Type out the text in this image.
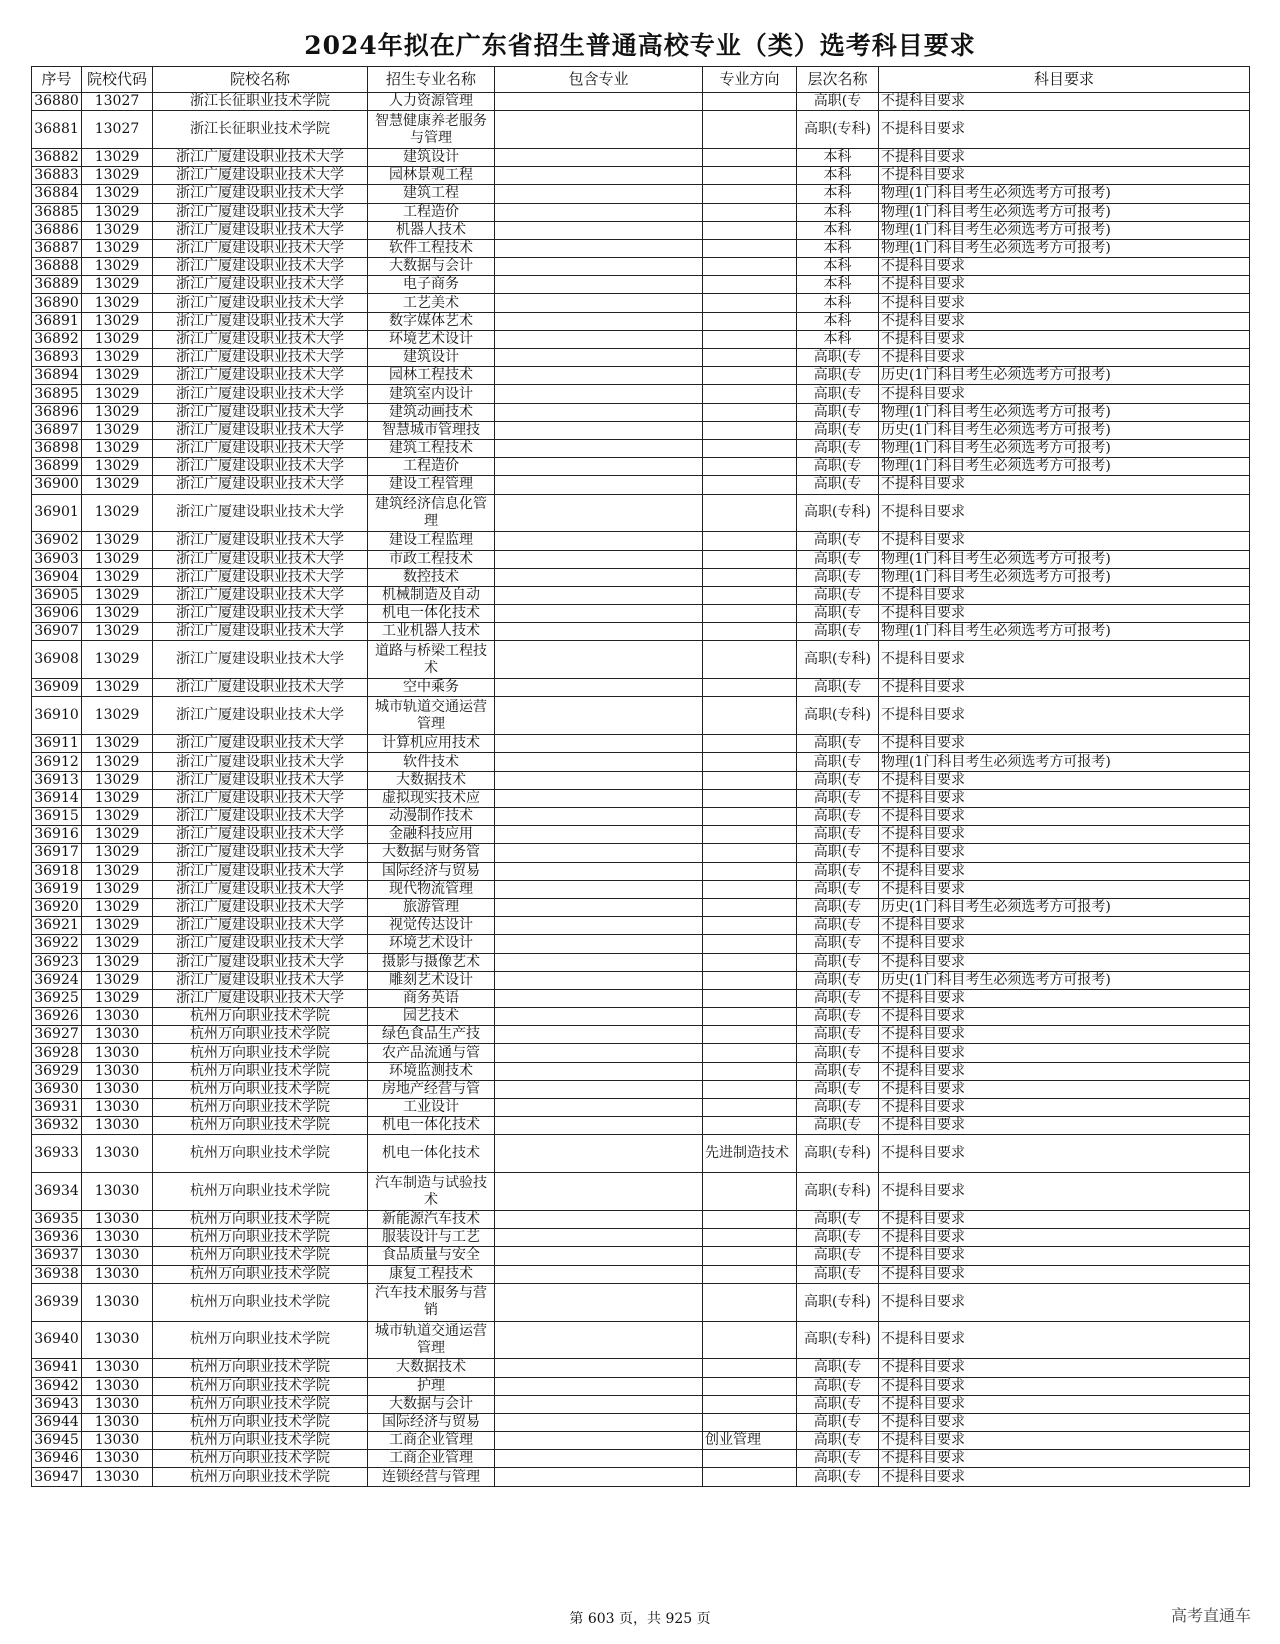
2024年拟在广东省招生普通高校专业（类）选考科目要求
序号	院校代码	院校名称	招生专业名称	包含专业	专业方向	层次名称	科目要求
36880	13027	浙江长征职业技术学院	人力资源管理			高职(专	不提科目要求
36881	13027	浙江长征职业技术学院	智慧健康养老服务与管理			高职(专科)	不提科目要求
36882	13029	浙江广厦建设职业技术大学	建筑设计			本科	不提科目要求
36883	13029	浙江广厦建设职业技术大学	园林景观工程			本科	不提科目要求
36884	13029	浙江广厦建设职业技术大学	建筑工程			本科	物理(1门科目考生必须选考方可报考)
36885	13029	浙江广厦建设职业技术大学	工程造价			本科	物理(1门科目考生必须选考方可报考)
36886	13029	浙江广厦建设职业技术大学	机器人技术			本科	物理(1门科目考生必须选考方可报考)
36887	13029	浙江广厦建设职业技术大学	软件工程技术			本科	物理(1门科目考生必须选考方可报考)
36888	13029	浙江广厦建设职业技术大学	大数据与会计			本科	不提科目要求
36889	13029	浙江广厦建设职业技术大学	电子商务			本科	不提科目要求
36890	13029	浙江广厦建设职业技术大学	工艺美术			本科	不提科目要求
36891	13029	浙江广厦建设职业技术大学	数字媒体艺术			本科	不提科目要求
36892	13029	浙江广厦建设职业技术大学	环境艺术设计			本科	不提科目要求
36893	13029	浙江广厦建设职业技术大学	建筑设计			高职(专	不提科目要求
36894	13029	浙江广厦建设职业技术大学	园林工程技术			高职(专	历史(1门科目考生必须选考方可报考)
36895	13029	浙江广厦建设职业技术大学	建筑室内设计			高职(专	不提科目要求
36896	13029	浙江广厦建设职业技术大学	建筑动画技术			高职(专	物理(1门科目考生必须选考方可报考)
36897	13029	浙江广厦建设职业技术大学	智慧城市管理技			高职(专	历史(1门科目考生必须选考方可报考)
36898	13029	浙江广厦建设职业技术大学	建筑工程技术			高职(专	物理(1门科目考生必须选考方可报考)
36899	13029	浙江广厦建设职业技术大学	工程造价			高职(专	物理(1门科目考生必须选考方可报考)
36900	13029	浙江广厦建设职业技术大学	建设工程管理			高职(专	不提科目要求
36901	13029	浙江广厦建设职业技术大学	建筑经济信息化管理			高职(专科)	不提科目要求
36902	13029	浙江广厦建设职业技术大学	建设工程监理			高职(专	不提科目要求
36903	13029	浙江广厦建设职业技术大学	市政工程技术			高职(专	物理(1门科目考生必须选考方可报考)
36904	13029	浙江广厦建设职业技术大学	数控技术			高职(专	物理(1门科目考生必须选考方可报考)
36905	13029	浙江广厦建设职业技术大学	机械制造及自动			高职(专	不提科目要求
36906	13029	浙江广厦建设职业技术大学	机电一体化技术			高职(专	不提科目要求
36907	13029	浙江广厦建设职业技术大学	工业机器人技术			高职(专	物理(1门科目考生必须选考方可报考)
36908	13029	浙江广厦建设职业技术大学	道路与桥梁工程技术			高职(专科)	不提科目要求
36909	13029	浙江广厦建设职业技术大学	空中乘务			高职(专	不提科目要求
36910	13029	浙江广厦建设职业技术大学	城市轨道交通运营管理			高职(专科)	不提科目要求
36911	13029	浙江广厦建设职业技术大学	计算机应用技术			高职(专	不提科目要求
36912	13029	浙江广厦建设职业技术大学	软件技术			高职(专	物理(1门科目考生必须选考方可报考)
36913	13029	浙江广厦建设职业技术大学	大数据技术			高职(专	不提科目要求
36914	13029	浙江广厦建设职业技术大学	虚拟现实技术应			高职(专	不提科目要求
36915	13029	浙江广厦建设职业技术大学	动漫制作技术			高职(专	不提科目要求
36916	13029	浙江广厦建设职业技术大学	金融科技应用			高职(专	不提科目要求
36917	13029	浙江广厦建设职业技术大学	大数据与财务管			高职(专	不提科目要求
36918	13029	浙江广厦建设职业技术大学	国际经济与贸易			高职(专	不提科目要求
36919	13029	浙江广厦建设职业技术大学	现代物流管理			高职(专	不提科目要求
36920	13029	浙江广厦建设职业技术大学	旅游管理			高职(专	历史(1门科目考生必须选考方可报考)
36921	13029	浙江广厦建设职业技术大学	视觉传达设计			高职(专	不提科目要求
36922	13029	浙江广厦建设职业技术大学	环境艺术设计			高职(专	不提科目要求
36923	13029	浙江广厦建设职业技术大学	摄影与摄像艺术			高职(专	不提科目要求
36924	13029	浙江广厦建设职业技术大学	雕刻艺术设计			高职(专	历史(1门科目考生必须选考方可报考)
36925	13029	浙江广厦建设职业技术大学	商务英语			高职(专	不提科目要求
36926	13030	杭州万向职业技术学院	园艺技术			高职(专	不提科目要求
36927	13030	杭州万向职业技术学院	绿色食品生产技			高职(专	不提科目要求
36928	13030	杭州万向职业技术学院	农产品流通与管			高职(专	不提科目要求
36929	13030	杭州万向职业技术学院	环境监测技术			高职(专	不提科目要求
36930	13030	杭州万向职业技术学院	房地产经营与管			高职(专	不提科目要求
36931	13030	杭州万向职业技术学院	工业设计			高职(专	不提科目要求
36932	13030	杭州万向职业技术学院	机电一体化技术			高职(专	不提科目要求
36933	13030	杭州万向职业技术学院	机电一体化技术		先进制造技术	高职(专科)	不提科目要求
36934	13030	杭州万向职业技术学院	汽车制造与试验技术			高职(专科)	不提科目要求
36935	13030	杭州万向职业技术学院	新能源汽车技术			高职(专	不提科目要求
36936	13030	杭州万向职业技术学院	服装设计与工艺			高职(专	不提科目要求
36937	13030	杭州万向职业技术学院	食品质量与安全			高职(专	不提科目要求
36938	13030	杭州万向职业技术学院	康复工程技术			高职(专	不提科目要求
36939	13030	杭州万向职业技术学院	汽车技术服务与营销			高职(专科)	不提科目要求
36940	13030	杭州万向职业技术学院	城市轨道交通运营管理			高职(专科)	不提科目要求
36941	13030	杭州万向职业技术学院	大数据技术			高职(专	不提科目要求
36942	13030	杭州万向职业技术学院	护理			高职(专	不提科目要求
36943	13030	杭州万向职业技术学院	大数据与会计			高职(专	不提科目要求
36944	13030	杭州万向职业技术学院	国际经济与贸易			高职(专	不提科目要求
36945	13030	杭州万向职业技术学院	工商企业管理		创业管理	高职(专	不提科目要求
36946	13030	杭州万向职业技术学院	工商企业管理			高职(专	不提科目要求
36947	13030	杭州万向职业技术学院	连锁经营与管理			高职(专	不提科目要求
第 603 页，共 925 页	高考直通车
